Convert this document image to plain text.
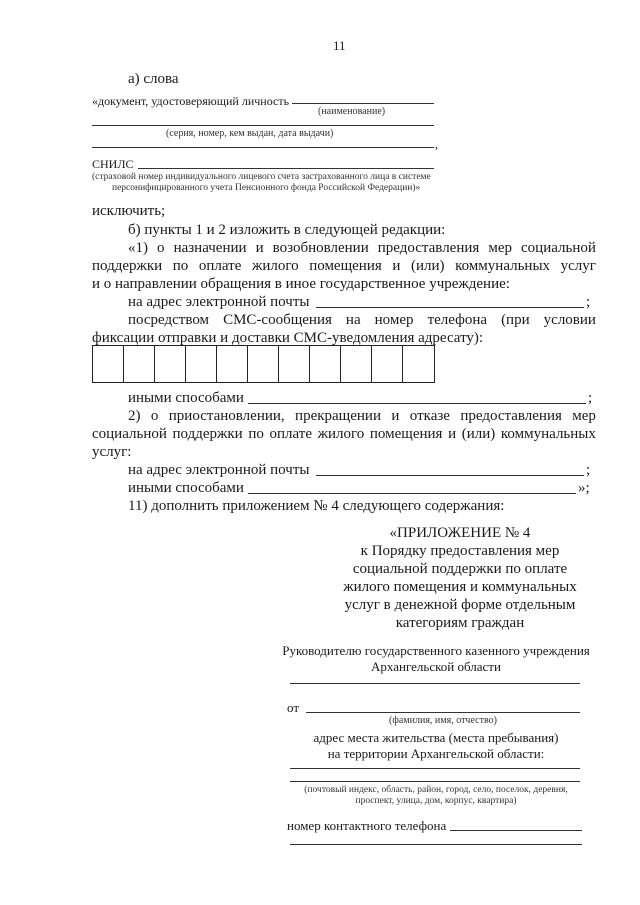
11
а) слова
«документ, удостоверяющий личность
(наименование)
(серия, номер, кем выдан, дата выдачи)
,
СНИЛС
(страховой номер индивидуального лицевого счета застрахованного лица в системе
персонифицированного учета Пенсионного фонда Российской Федерации)»
исключить;
б) пункты 1 и 2 изложить в следующей редакции:
«1) о назначении и возобновлении предоставления мер социальной
поддержки по оплате жилого помещения и (или) коммунальных услуг
и о направлении обращения в иное государственное учреждение:
на адрес электронной почты	;
посредством СМС-сообщения на номер телефона (при условии
фиксации отправки и доставки СМС-уведомления адресату):
иными способами	;
2) о приостановлении, прекращении и отказе предоставления мер
социальной поддержки по оплате жилого помещения и (или) коммунальных
услуг:
на адрес электронной почты	;
иными способами	»;
11) дополнить приложением № 4 следующего содержания:
«ПРИЛОЖЕНИЕ № 4
к Порядку предоставления мер
социальной поддержки по оплате
жилого помещения и коммунальных
услуг в денежной форме отдельным
категориям граждан
Руководителю государственного казенного учреждения
Архангельской области
от
(фамилия, имя, отчество)
адрес места жительства (места пребывания)
на территории Архангельской области:
(почтовый индекс, область, район, город, село, поселок, деревня,
проспект, улица, дом, корпус, квартира)
номер контактного телефона
